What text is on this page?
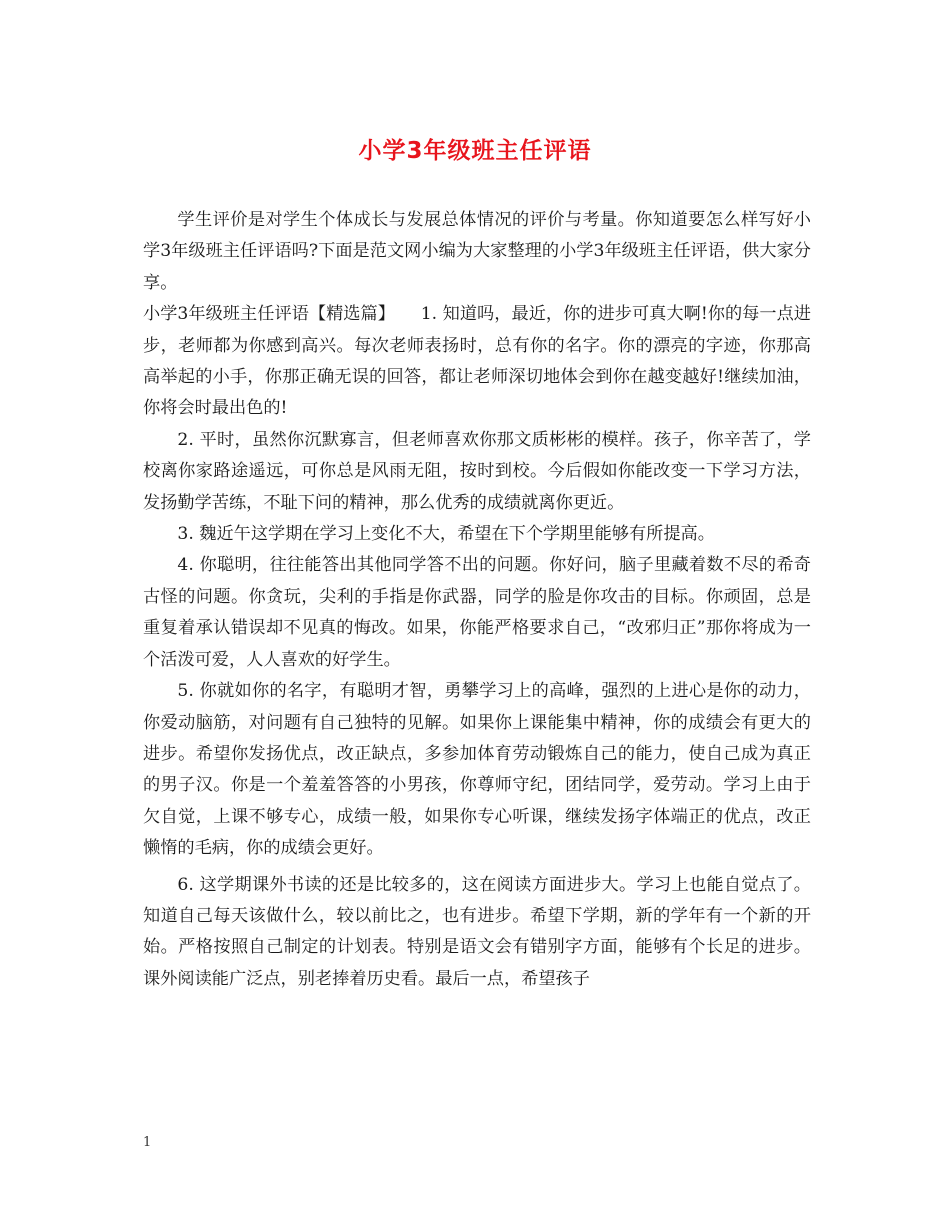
小学3年级班主任评语

学生评价是对学生个体成长与发展总体情况的评价与考量。你知道要怎么样写好小学3年级班主任评语吗?下面是范文网小编为大家整理的小学3年级班主任评语，供大家分享。

小学3年级班主任评语【精选篇】　　1. 知道吗，最近，你的进步可真大啊!你的每一点进步，老师都为你感到高兴。每次老师表扬时，总有你的名字。你的漂亮的字迹，你那高高举起的小手，你那正确无误的回答，都让老师深切地体会到你在越变越好!继续加油，你将会时最出色的!

2. 平时，虽然你沉默寡言，但老师喜欢你那文质彬彬的模样。孩子，你辛苦了，学校离你家路途遥远，可你总是风雨无阻，按时到校。今后假如你能改变一下学习方法，发扬勤学苦练，不耻下问的精神，那么优秀的成绩就离你更近。

3. 魏近午这学期在学习上变化不大，希望在下个学期里能够有所提高。

4. 你聪明，往往能答出其他同学答不出的问题。你好问，脑子里藏着数不尽的希奇古怪的问题。你贪玩，尖利的手指是你武器，同学的脸是你攻击的目标。你顽固，总是重复着承认错误却不见真的悔改。如果，你能严格要求自己，“改邪归正”那你将成为一个活泼可爱，人人喜欢的好学生。

5. 你就如你的名字，有聪明才智，勇攀学习上的高峰，强烈的上进心是你的动力，你爱动脑筋，对问题有自己独特的见解。如果你上课能集中精神，你的成绩会有更大的进步。希望你发扬优点，改正缺点，多参加体育劳动锻炼自己的能力，使自己成为真正的男子汉。你是一个羞羞答答的小男孩，你尊师守纪，团结同学，爱劳动。学习上由于欠自觉，上课不够专心，成绩一般，如果你专心听课，继续发扬字体端正的优点，改正懒惰的毛病，你的成绩会更好。

6. 这学期课外书读的还是比较多的，这在阅读方面进步大。学习上也能自觉点了。知道自己每天该做什么，较以前比之，也有进步。希望下学期，新的学年有一个新的开始。严格按照自己制定的计划表。特别是语文会有错别字方面，能够有个长足的进步。课外阅读能广泛点，别老捧着历史看。最后一点，希望孩子

1
